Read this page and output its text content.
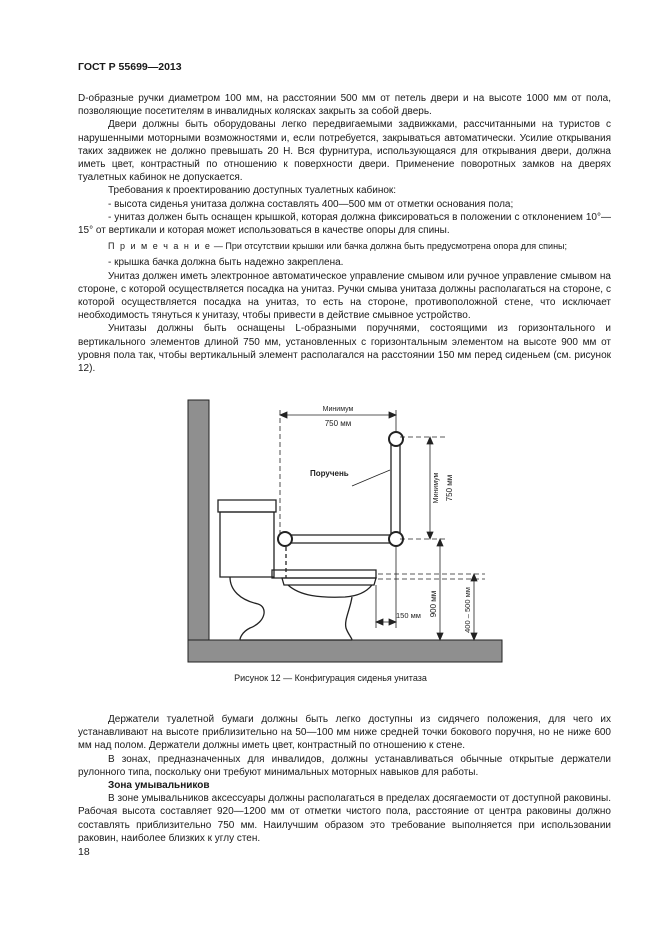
ГОСТ Р 55699—2013

D-образные ручки диаметром 100 мм, на расстоянии 500 мм от петель двери и на высоте 1000 мм от пола, позволяющие посетителям в инвалидных колясках закрыть за собой дверь.

Двери должны быть оборудованы легко передвигаемыми задвижками, рассчитанными на туристов с нарушенными моторными возможностями и, если потребуется, закрываться автоматически. Усилие открывания таких задвижек не должно превышать 20 Н. Вся фурнитура, использующаяся для открывания двери, должна иметь цвет, контрастный по отношению к поверхности двери. Применение поворотных замков на дверях туалетных кабинок не допускается.

Требования к проектированию доступных туалетных кабинок:

- высота сиденья унитаза должна составлять 400—500 мм от отметки основания пола;

- унитаз должен быть оснащен крышкой, которая должна фиксироваться в положении с отклонением 10°—15° от вертикали и которая может использоваться в качестве опоры для спины.

П р и м е ч а н и е — При отсутствии крышки или бачка должна быть предусмотрена опора для спины;

- крышка бачка должна быть надежно закреплена.

Унитаз должен иметь электронное автоматическое управление смывом или ручное управление смывом на стороне, с которой осуществляется посадка на унитаз. Ручки смыва унитаза должны располагаться на стороне, с которой осуществляется посадка на унитаз, то есть на стороне, противоположной стене, что исключает необходимость тянуться к унитазу, чтобы привести в действие смывное устройство.

Унитазы должны быть оснащены L-образными поручнями, состоящими из горизонтального и вертикального элементов длиной 750 мм, установленных с горизонтальным элементом на высоте 900 мм от уровня пола так, чтобы вертикальный элемент располагался на расстоянии 150 мм перед сиденьем (см. рисунок 12).

Минимум
750 мм
Поручень	Минимум 750 мм
900 мм	400 – 500 мм
150 мм
Рисунок 12 — Конфигурация сиденья унитаза

Держатели туалетной бумаги должны быть легко доступны из сидячего положения, для чего их устанавливают на высоте приблизительно на 50—100 мм ниже средней точки бокового поручня, но не ниже 600 мм над полом. Держатели должны иметь цвет, контрастный по отношению к стене.

В зонах, предназначенных для инвалидов, должны устанавливаться обычные открытые держатели рулонного типа, поскольку они требуют минимальных моторных навыков для работы.

Зона умывальников

В зоне умывальников аксессуары должны располагаться в пределах досягаемости от доступной раковины. Рабочая высота составляет 920—1200 мм от отметки чистого пола, расстояние от центра раковины должно составлять приблизительно 750 мм. Наилучшим образом это требование выполняется при использовании раковин, наиболее близких к углу стен.

18
